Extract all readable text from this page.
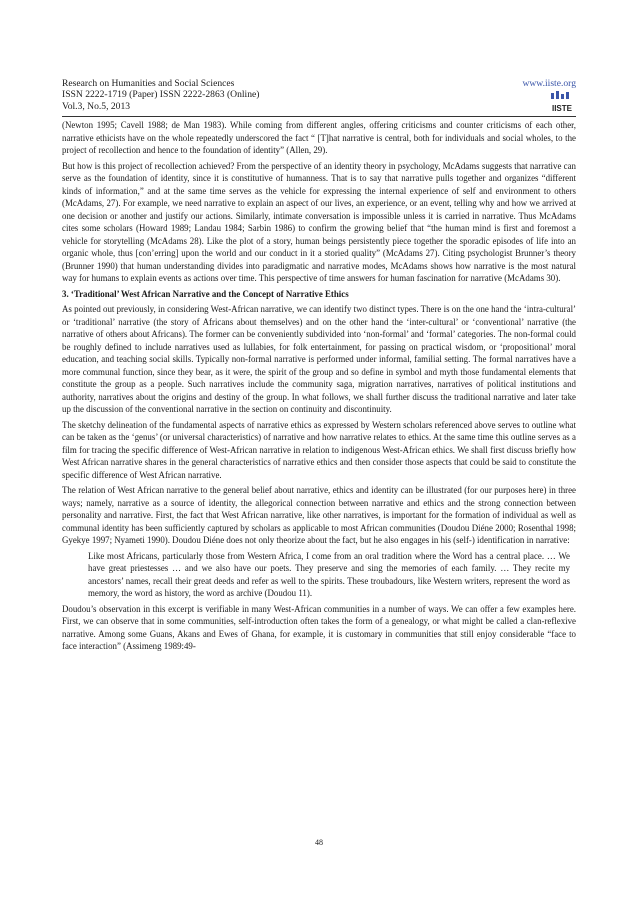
Research on Humanities and Social Sciences
ISSN 2222-1719 (Paper) ISSN 2222-2863 (Online)
Vol.3, No.5, 2013
www.iiste.org
IISTE

(Newton 1995; Cavell 1988; de Man 1983). While coming from different angles, offering criticisms and counter criticisms of each other, narrative ethicists have on the whole repeatedly underscored the fact “ [T]hat narrative is central, both for individuals and social wholes, to the project of recollection and hence to the foundation of identity” (Allen, 29).

But how is this project of recollection achieved? From the perspective of an identity theory in psychology, McAdams suggests that narrative can serve as the foundation of identity, since it is constitutive of humanness. That is to say that narrative pulls together and organizes “different kinds of information,” and at the same time serves as the vehicle for expressing the internal experience of self and environment to others (McAdams, 27). For example, we need narrative to explain an aspect of our lives, an experience, or an event, telling why and how we arrived at one decision or another and justify our actions. Similarly, intimate conversation is impossible unless it is carried in narrative. Thus McAdams cites some scholars (Howard 1989; Landau 1984; Sarbin 1986) to confirm the growing belief that “the human mind is first and foremost a vehicle for storytelling (McAdams 28). Like the plot of a story, human beings persistently piece together the sporadic episodes of life into an organic whole, thus [con’erring] upon the world and our conduct in it a storied quality” (McAdams 27). Citing psychologist Brunner’s theory (Brunner 1990) that human understanding divides into paradigmatic and narrative modes, McAdams shows how narrative is the most natural way for humans to explain events as actions over time. This perspective of time answers for human fascination for narrative (McAdams 30).

3. ‘Traditional’ West African Narrative and the Concept of Narrative Ethics

As pointed out previously, in considering West-African narrative, we can identify two distinct types. There is on the one hand the ‘intra-cultural’ or ‘traditional’ narrative (the story of Africans about themselves) and on the other hand the ‘inter-cultural’ or ‘conventional’ narrative (the narrative of others about Africans). The former can be conveniently subdivided into ‘non-formal’ and ‘formal’ categories. The non-formal could be roughly defined to include narratives used as lullabies, for folk entertainment, for passing on practical wisdom, or ‘propositional’ moral education, and teaching social skills. Typically non-formal narrative is performed under informal, familial setting. The formal narratives have a more communal function, since they bear, as it were, the spirit of the group and so define in symbol and myth those fundamental elements that constitute the group as a people. Such narratives include the community saga, migration narratives, narratives of political institutions and authority, narratives about the origins and destiny of the group. In what follows, we shall further discuss the traditional narrative and later take up the discussion of the conventional narrative in the section on continuity and discontinuity.

The sketchy delineation of the fundamental aspects of narrative ethics as expressed by Western scholars referenced above serves to outline what can be taken as the ‘genus’ (or universal characteristics) of narrative and how narrative relates to ethics. At the same time this outline serves as a film for tracing the specific difference of West-African narrative in relation to indigenous West-African ethics. We shall first discuss briefly how West African narrative shares in the general characteristics of narrative ethics and then consider those aspects that could be said to constitute the specific difference of West African narrative.

The relation of West African narrative to the general belief about narrative, ethics and identity can be illustrated (for our purposes here) in three ways; namely, narrative as a source of identity, the allegorical connection between narrative and ethics and the strong connection between personality and narrative. First, the fact that West African narrative, like other narratives, is important for the formation of individual as well as communal identity has been sufficiently captured by scholars as applicable to most African communities (Doudou Diéne 2000; Rosenthal 1998; Gyekye 1997; Nyameti 1990). Doudou Diéne does not only theorize about the fact, but he also engages in his (self-) identification in narrative:

Like most Africans, particularly those from Western Africa, I come from an oral tradition where the Word has a central place. … We have great priestesses … and we also have our poets. They preserve and sing the memories of each family. … They recite my ancestors’ names, recall their great deeds and refer as well to the spirits. These troubadours, like Western writers, represent the word as memory, the word as history, the word as archive (Doudou 11).

Doudou’s observation in this excerpt is verifiable in many West-African communities in a number of ways. We can offer a few examples here. First, we can observe that in some communities, self-introduction often takes the form of a genealogy, or what might be called a clan-reflexive narrative. Among some Guans, Akans and Ewes of Ghana, for example, it is customary in communities that still enjoy considerable “face to face interaction” (Assimeng 1989:49-

48
